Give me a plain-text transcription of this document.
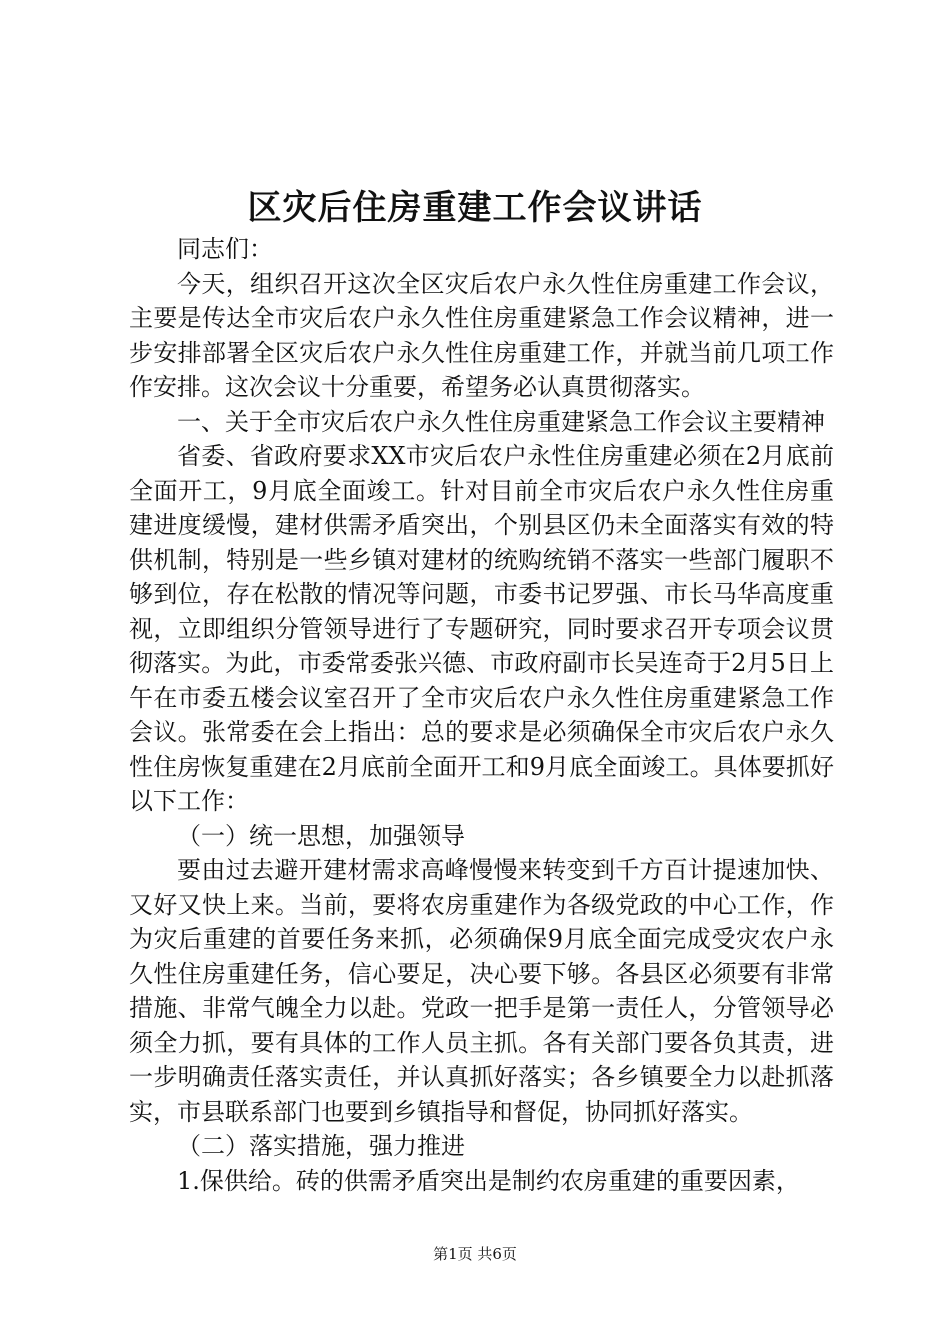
区灾后住房重建工作会议讲话

同志们：

今天，组织召开这次全区灾后农户永久性住房重建工作会议，主要是传达全市灾后农户永久性住房重建紧急工作会议精神，进一步安排部署全区灾后农户永久性住房重建工作，并就当前几项工作作安排。这次会议十分重要，希望务必认真贯彻落实。

一、关于全市灾后农户永久性住房重建紧急工作会议主要精神

省委、省政府要求XX市灾后农户永性住房重建必须在2月底前全面开工，9月底全面竣工。针对目前全市灾后农户永久性住房重建进度缓慢，建材供需矛盾突出，个别县区仍未全面落实有效的特供机制，特别是一些乡镇对建材的统购统销不落实一些部门履职不够到位，存在松散的情况等问题，市委书记罗强、市长马华高度重视，立即组织分管领导进行了专题研究，同时要求召开专项会议贯彻落实。为此，市委常委张兴德、市政府副市长吴连奇于2月5日上午在市委五楼会议室召开了全市灾后农户永久性住房重建紧急工作会议。张常委在会上指出：总的要求是必须确保全市灾后农户永久性住房恢复重建在2月底前全面开工和9月底全面竣工。具体要抓好以下工作：

（一）统一思想，加强领导

要由过去避开建材需求高峰慢慢来转变到千方百计提速加快、又好又快上来。当前，要将农房重建作为各级党政的中心工作，作为灾后重建的首要任务来抓，必须确保9月底全面完成受灾农户永久性住房重建任务，信心要足，决心要下够。各县区必须要有非常措施、非常气魄全力以赴。党政一把手是第一责任人，分管领导必须全力抓，要有具体的工作人员主抓。各有关部门要各负其责，进一步明确责任落实责任，并认真抓好落实；各乡镇要全力以赴抓落实，市县联系部门也要到乡镇指导和督促，协同抓好落实。

（二）落实措施，强力推进

1.保供给。砖的供需矛盾突出是制约农房重建的重要因素，

第1页 共6页
